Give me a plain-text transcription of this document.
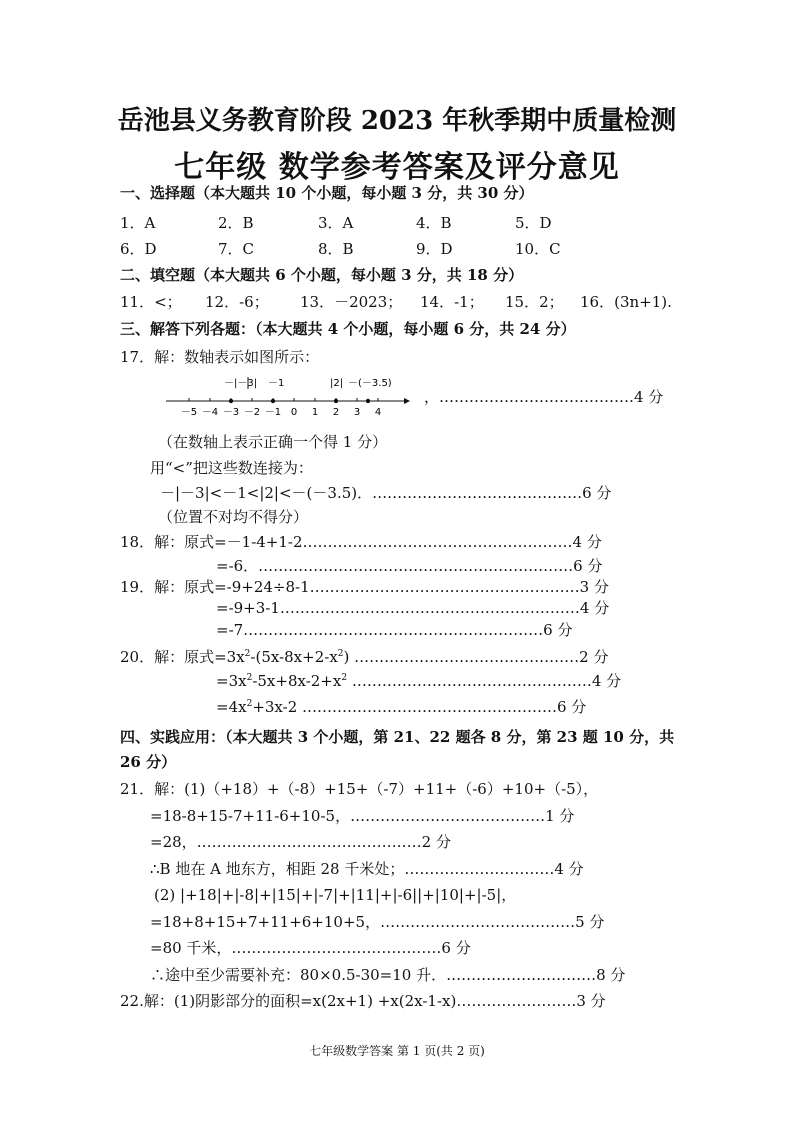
岳池县义务教育阶段 2023 年秋季期中质量检测
七年级 数学参考答案及评分意见
一、选择题（本大题共 10 个小题，每小题 3 分，共 30 分）
1．A	2．B	3．A	4．B	5．D
6．D	7．C	8．B	9．D	10．C
二、填空题（本大题共 6 个小题，每小题 3 分，共 18 分）
11．<； 12．-6； 13．－2023； 14．-1； 15．2； 16．(3n+1).
三、解答下列各题：（本大题共 4 个小题，每小题 6 分，共 24 分）
17．解：数轴表示如图所示：
－|－3| －1	|2| －(－3.5)
－5 －4 －3 －2 －1 0 1 2 3 4
，…………………………………4 分
（在数轴上表示正确一个得 1 分）
用“<”把这些数连接为：
－|－3|<－1<|2|<－(－3.5)．……………………………………6 分
（位置不对均不得分）
18．解：原式=－1-4+1-2………………………………………………4 分
=-6．………………………………………………………6 分
19．解：原式=-9+24÷8-1………………………………………………3 分
=-9+3-1……………………………………………………4 分
=-7……………………………………………………6 分
20．解：原式$=3x^2-(5x-8x+2-x^2)$ ………………………………………2 分
$=3x^2-5x+8x-2+x^2$ …………………………………………4 分
$=4x^2+3x-2$ ……………………………………………6 分
四、实践应用：（本大题共 3 个小题，第 21、22 题各 8 分，第 23 题 10 分，共
26 分）
21．解：(1)（+18）+（-8）+15+（-7）+11+（-6）+10+（-5），
=18-8+15-7+11-6+10-5，…………………………………1 分
=28，………………………………………2 分
∴B 地在 A 地东方，相距 28 千米处；…………………………4 分
(2) |+18|+|-8|+|15|+|-7|+|11|+|-6||+|10|+|-5|，
=18+8+15+7+11+6+10+5，…………………………………5 分
=80 千米，……………………………………6 分
∴途中至少需要补充：80×0.5-30=10 升．…………………………8 分
22.解：(1)阴影部分的面积=x(2x+1) +x(2x-1-x)……………………3 分
七年级数学答案 第 1 页(共 2 页)
